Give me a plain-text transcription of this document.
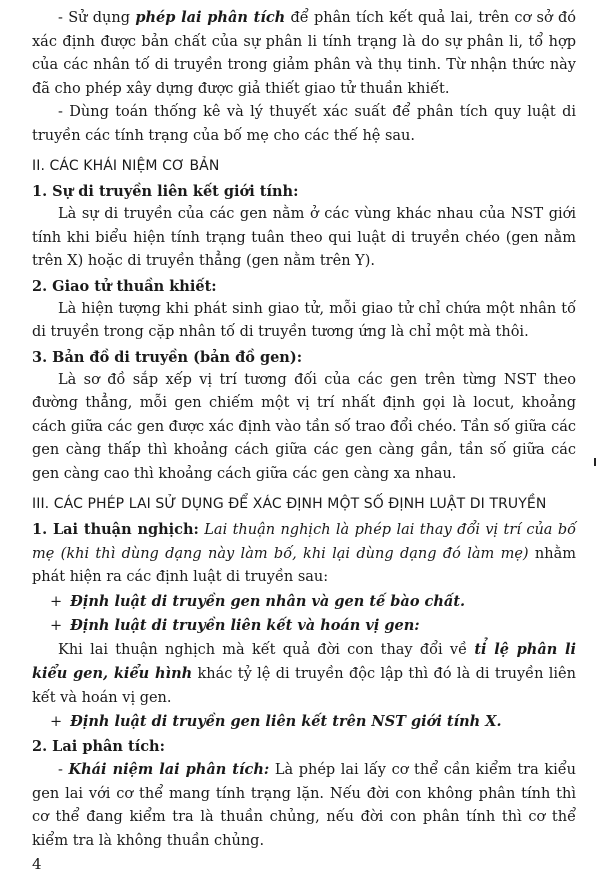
- Sử dụng phép lai phân tích để phân tích kết quả lai, trên cơ sở đó xác định được bản chất của sự phân li tính trạng là do sự phân li, tổ hợp của các nhân tố di truyền trong giảm phân và thụ tinh. Từ nhận thức này đã cho phép xây dựng được giả thiết giao tử thuần khiết.

- Dùng toán thống kê và lý thuyết xác suất để phân tích quy luật di truyền các tính trạng của bố mẹ cho các thế hệ sau.

II. CÁC KHÁI NIỆM CƠ BẢN
1. Sự di truyền liên kết giới tính:

Là sự di truyền của các gen nằm ở các vùng khác nhau của NST giới tính khi biểu hiện tính trạng tuân theo qui luật di truyền chéo (gen nằm trên X) hoặc di truyền thẳng (gen nằm trên Y).

2. Giao tử thuần khiết:

Là hiện tượng khi phát sinh giao tử, mỗi giao tử chỉ chứa một nhân tố di truyền trong cặp nhân tố di truyền tương ứng là chỉ một mà thôi.

3. Bản đồ di truyền (bản đồ gen):

Là sơ đồ sắp xếp vị trí tương đối của các gen trên từng NST theo đường thẳng, mỗi gen chiếm một vị trí nhất định gọi là locut, khoảng cách giữa các gen được xác định vào tần số trao đổi chéo. Tần số giữa các gen càng thấp thì khoảng cách giữa các gen càng gần, tần số giữa các gen càng cao thì khoảng cách giữa các gen càng xa nhau.

III. CÁC PHÉP LAI SỬ DỤNG ĐỂ XÁC ĐỊNH MỘT SỐ ĐỊNH LUẬT DI TRUYỀN

1. Lai thuận nghịch: Lai thuận nghịch là phép lai thay đổi vị trí của bố mẹ (khi thì dùng dạng này làm bố, khi lại dùng dạng đó làm mẹ) nhằm phát hiện ra các định luật di truyền sau:

+ Định luật di truyền gen nhân và gen tế bào chất.
+ Định luật di truyền liên kết và hoán vị gen:

Khi lai thuận nghịch mà kết quả đời con thay đổi về tỉ lệ phân li kiểu gen, kiểu hình khác tỷ lệ di truyền độc lập thì đó là di truyền liên kết và hoán vị gen.

+ Định luật di truyền gen liên kết trên NST giới tính X.
2. Lai phân tích:

- Khái niệm lai phân tích: Là phép lai lấy cơ thể cần kiểm tra kiểu gen lai với cơ thể mang tính trạng lặn. Nếu đời con không phân tính thì cơ thể đang kiểm tra là thuần chủng, nếu đời con phân tính thì cơ thể kiểm tra là không thuần chủng.

4
